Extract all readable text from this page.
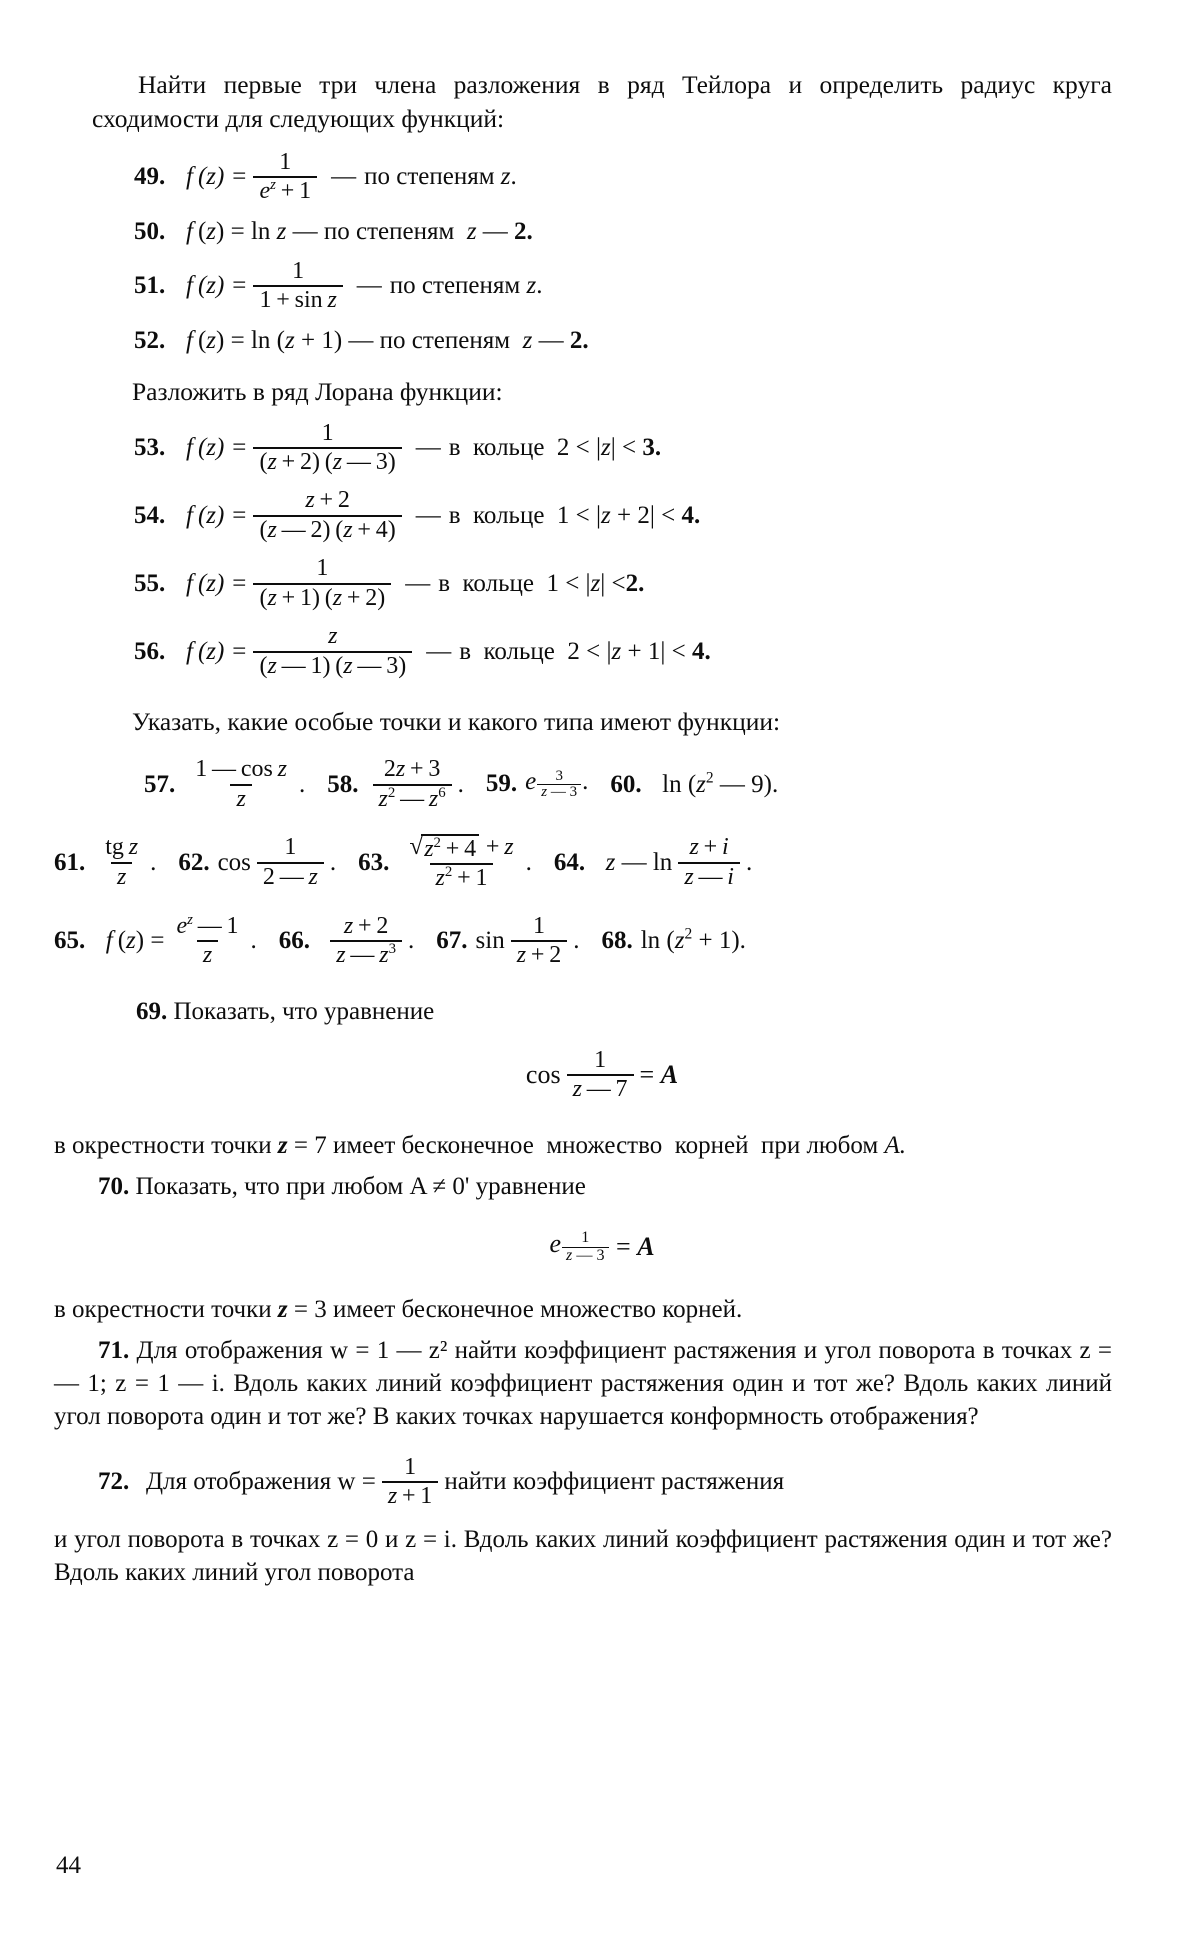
Найти первые три члена разложения в ряд Тейлора и определить радиус круга сходимости для следующих функций:
49. f $(z) = \frac{1}{e^z + 1}$ — по степеням z.
50. f (z) = ln z — по степеням  z — 2.
51. f $(z) = \frac{1}{\text{1 + sin z}}$ — по степеням z.
52. f (z) = ln (z + 1) — по степеням  z — 2.
Разложить в ряд Лорана функции:
53. f $(z) = \frac{1}{(z + 2) (z — 3)}$ — в  кольце  2 < |z| < 3.
54. f $(z) = \frac{z + 2}{(z — 2) (z + 4)}$ — в  кольце  1 < |z + 2| < 4.
55. f $(z) = \frac{1}{(z + 1) (z + 2)}$ — в  кольце  1 < |z| <2.
56. f $(z) = \frac{z}{(z — 1) (z — 3)}$ — в  кольце  2 < |z + 1| < 4.
Указать, какие особые точки и какого типа имеют функции:
57. $\frac{\text{1 — cos z}}{z}$ . 58. $\frac{2z + 3}{z^2 — z^6}$ . 59. e $\frac{3}{z — 3}$ . 60. $\ln (z^2$ — 9).
61. $\frac{\text{tg z}}{z}$ . 62. $\cos \frac{1}{2 — z}$ . 63. $\frac{√ z^2 + 4 + z}{z^2 + 1}$ . 64. z — $\ln \frac{z + i}{z — i}$ .
65. f $(z) = \frac{e^z — 1}{z}$ . 66.
$\frac{z + 2}{z — z^3}$ . 67. $\sin \frac{1}{z + 2}$ . 68. $\ln (z^2 + 1)$.
69. Показать, что уравнение
$\cos \frac{1}{z — 7} = A$
в окрестности точки z = 7 имеет бесконечное  множество  корней  при любом A.
70. Показать, что при любом A ≠ 0' уравнение
e $\frac{1}{z — 3} = A$
в окрестности точки z = 3 имеет бесконечное множество корней.
71. Для отображения w = 1 — z² найти коэффициент растяжения и угол поворота в точках z = — 1; z = 1 — i. Вдоль каких линий коэффициент растяжения один и тот же? Вдоль каких линий угол поворота один и тот же? В каких точках нарушается конформность отображения?
72. Для отображения $w = \frac{1}{z + 1}$ найти коэффициент растяжения
и угол поворота в точках z = 0 и z = i. Вдоль каких линий коэффициент растяжения один и тот же? Вдоль каких линий угол поворота
44
